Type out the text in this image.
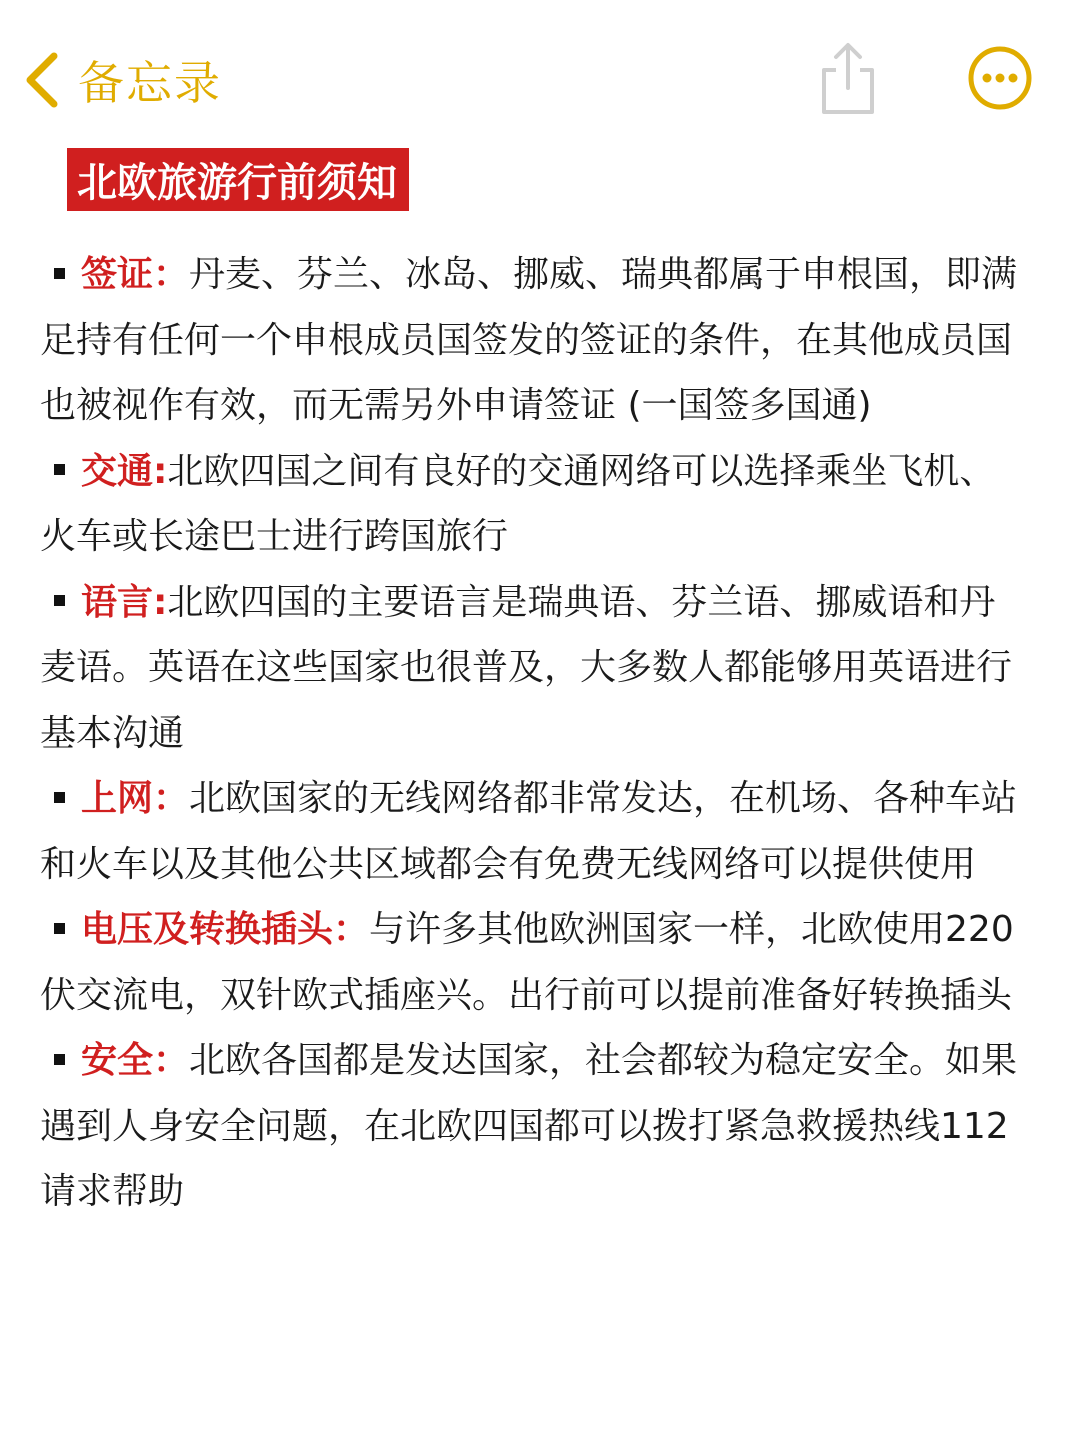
备忘录
北欧旅游行前须知

签证：丹麦、芬兰、冰岛、挪威、瑞典都属于申根国，即满足持有任何一个申根成员国签发的签证的条件，在其他成员国也被视作有效，而无需另外申请签证 (一国签多国通)

交通:北欧四国之间有良好的交通网络可以选择乘坐飞机、火车或长途巴士进行跨国旅行

语言:北欧四国的主要语言是瑞典语、芬兰语、挪威语和丹麦语。英语在这些国家也很普及，大多数人都能够用英语进行基本沟通

上网：北欧国家的无线网络都非常发达，在机场、各种车站和火车以及其他公共区域都会有免费无线网络可以提供使用

电压及转换插头：与许多其他欧洲国家一样，北欧使用220伏交流电，双针欧式插座兴。出行前可以提前准备好转换插头

安全：北欧各国都是发达国家，社会都较为稳定安全。如果遇到人身安全问题，在北欧四国都可以拨打紧急救援热线112请求帮助
